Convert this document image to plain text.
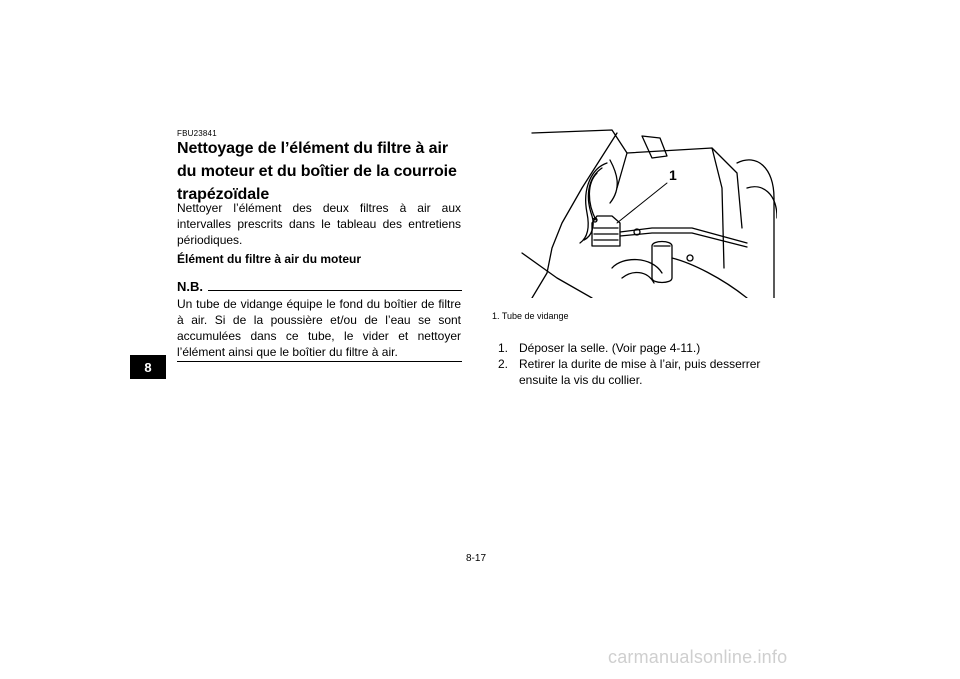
8
FBU23841
Nettoyage de l’élément du filtre à air du moteur et du boîtier de la courroie trapézoïdale
Nettoyer l’élément des deux filtres à air aux intervalles prescrits dans le tableau des entretiens périodiques.
Élément du filtre à air du moteur
N.B.
Un tube de vidange équipe le fond du boîtier de filtre à air. Si de la poussière et/ou de l’eau se sont accumulées dans ce tube, le vider et nettoyer l’élément ainsi que le boîtier du filtre à air.
1
1. Tube de vidange
1. Déposer la selle. (Voir page 4-11.)
2. Retirer la durite de mise à l’air, puis desserrer ensuite la vis du collier.
8-17
carmanualsonline.info
